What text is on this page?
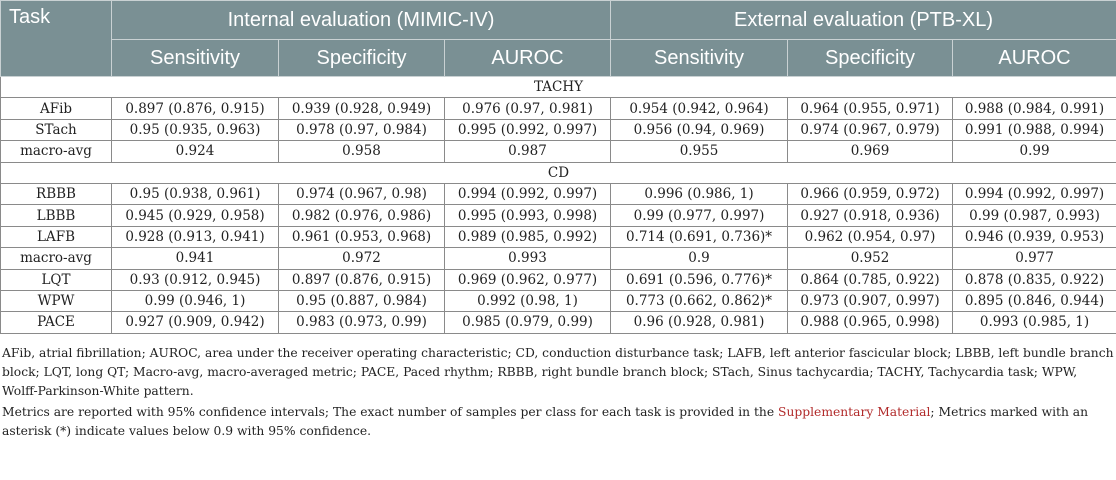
Task	Internal evaluation (MIMIC-IV)			External evaluation (PTB-XL)		
	Sensitivity	Specificity	AUROC	Sensitivity	Specificity	AUROC
TACHY						
AFib	0.897 (0.876, 0.915)	0.939 (0.928, 0.949)	0.976 (0.97, 0.981)	0.954 (0.942, 0.964)	0.964 (0.955, 0.971)	0.988 (0.984, 0.991)
STach	0.95 (0.935, 0.963)	0.978 (0.97, 0.984)	0.995 (0.992, 0.997)	0.956 (0.94, 0.969)	0.974 (0.967, 0.979)	0.991 (0.988, 0.994)
macro-avg	0.924	0.958	0.987	0.955	0.969	0.99
CD						
RBBB	0.95 (0.938, 0.961)	0.974 (0.967, 0.98)	0.994 (0.992, 0.997)	0.996 (0.986, 1)	0.966 (0.959, 0.972)	0.994 (0.992, 0.997)
LBBB	0.945 (0.929, 0.958)	0.982 (0.976, 0.986)	0.995 (0.993, 0.998)	0.99 (0.977, 0.997)	0.927 (0.918, 0.936)	0.99 (0.987, 0.993)
LAFB	0.928 (0.913, 0.941)	0.961 (0.953, 0.968)	0.989 (0.985, 0.992)	0.714 (0.691, 0.736)*	0.962 (0.954, 0.97)	0.946 (0.939, 0.953)
macro-avg	0.941	0.972	0.993	0.9	0.952	0.977
LQT	0.93 (0.912, 0.945)	0.897 (0.876, 0.915)	0.969 (0.962, 0.977)	0.691 (0.596, 0.776)*	0.864 (0.785, 0.922)	0.878 (0.835, 0.922)
WPW	0.99 (0.946, 1)	0.95 (0.887, 0.984)	0.992 (0.98, 1)	0.773 (0.662, 0.862)*	0.973 (0.907, 0.997)	0.895 (0.846, 0.944)
PACE	0.927 (0.909, 0.942)	0.983 (0.973, 0.99)	0.985 (0.979, 0.99)	0.96 (0.928, 0.981)	0.988 (0.965, 0.998)	0.993 (0.985, 1)

AFib, atrial fibrillation; AUROC, area under the receiver operating characteristic; CD, conduction disturbance task; LAFB, left anterior fascicular block; LBBB, left bundle branch block; LQT, long QT; Macro-avg, macro-averaged metric; PACE, Paced rhythm; RBBB, right bundle branch block; STach, Sinus tachycardia; TACHY, Tachycardia task; WPW, Wolff-Parkinson-White pattern.

Metrics are reported with 95% confidence intervals; The exact number of samples per class for each task is provided in the Supplementary Material; Metrics marked with an asterisk (*) indicate values below 0.9 with 95% confidence.
